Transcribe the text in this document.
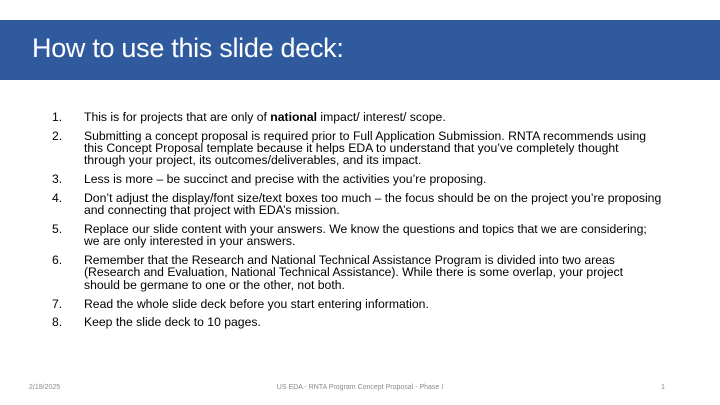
How to use this slide deck:
1.	This is for projects that are only of national impact/ interest/ scope.
2.	Submitting a concept proposal is required prior to Full Application Submission. RNTA recommends using this Concept Proposal template because it helps EDA to understand that you’ve completely thought through your project, its outcomes/deliverables, and its impact.
3.	Less is more – be succinct and precise with the activities you’re proposing.
4.	Don’t adjust the display/font size/text boxes too much – the focus should be on the project you’re proposing and connecting that project with EDA’s mission.
5.	Replace our slide content with your answers. We know the questions and topics that we are considering; we are only interested in your answers.
6.	Remember that the Research and National Technical Assistance Program is divided into two areas (Research and Evaluation, National Technical Assistance). While there is some overlap, your project should be germane to one or the other, not both.
7.	Read the whole slide deck before you start entering information.
8.	Keep the slide deck to 10 pages.
2/18/2025	US EDA - RNTA Program Concept Proposal - Phase I	1
